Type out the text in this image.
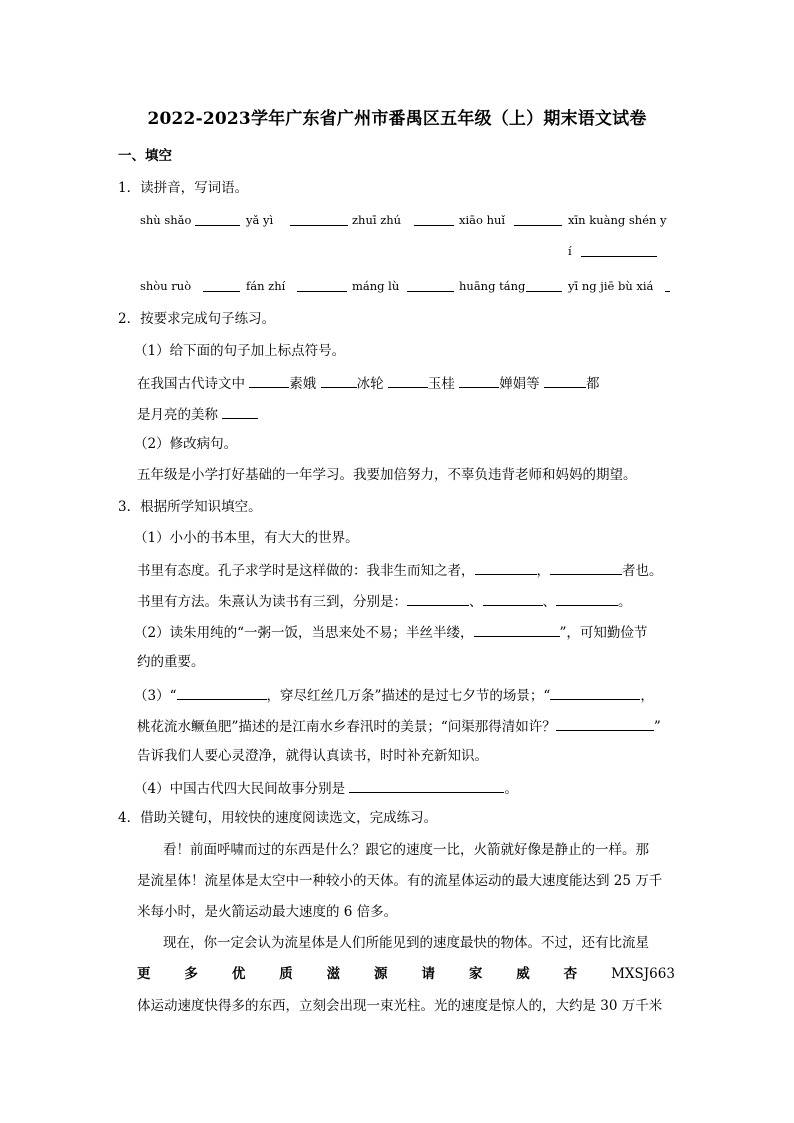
2022-2023学年广东省广州市番禺区五年级（上）期末语文试卷
一、填空
1．读拼音，写词语。
shù shǎo	yǎ yì	zhuī zhú	xiāo huǐ	xīn kuàng shén y
í
shòu ruò	fán zhí	máng lù	huāng táng	yī ng jiē bù xiá
2．按要求完成句子练习。
（1）给下面的句子加上标点符号。
在我国古代诗文中	素娥	冰轮	玉桂	婵娟等	都
是月亮的美称
（2）修改病句。
五年级是小学打好基础的一年学习。我要加倍努力，不辜负违背老师和妈妈的期望。
3．根据所学知识填空。
（1）小小的书本里，有大大的世界。
书里有态度。孔子求学时是这样做的：我非生而知之者，	，	者也。
书里有方法。朱熹认为读书有三到，分别是：	、	、	。
（2）读朱用纯的“一粥一饭，当思来处不易；半丝半缕，	”，可知勤俭节
约的重要。
（3）“	，穿尽红丝几万条”描述的是过七夕节的场景；“	，
桃花流水鳜鱼肥”描述的是江南水乡春汛时的美景；“问渠那得清如许？	”
告诉我们人要心灵澄净，就得认真读书，时时补充新知识。
（4）中国古代四大民间故事分别是	。
4．借助关键句，用较快的速度阅读选文，完成练习。
看！前面呼啸而过的东西是什么？跟它的速度一比，火箭就好像是静止的一样。那
是流星体！流星体是太空中一种较小的天体。有的流星体运动的最大速度能达到 25 万千
米每小时，是火箭运动最大速度的 6 倍多。
现在，你一定会认为流星体是人们所能见到的速度最快的物体。不过，还有比流星
更	多	优	质	滋	源	请	家	威	杏	MXSJ663
体运动速度快得多的东西，立刻会出现一束光柱。光的速度是惊人的，大约是 30 万千米
